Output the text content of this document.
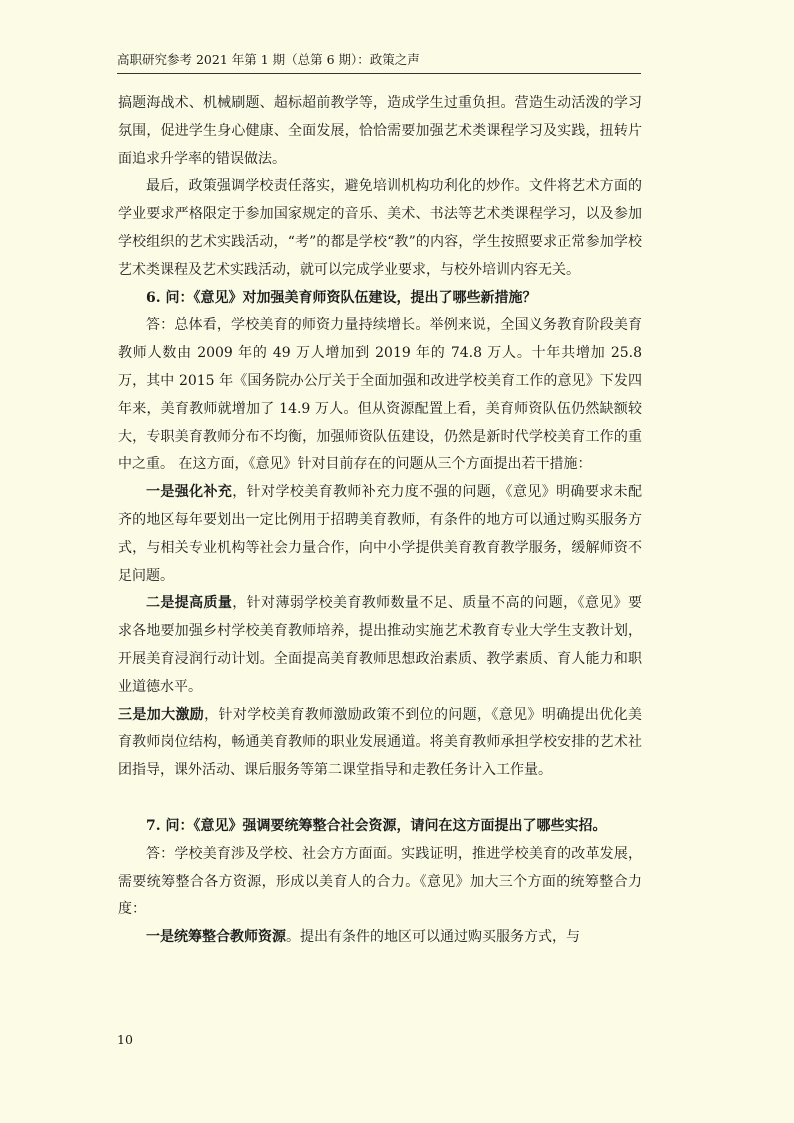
高职研究参考 2021 年第 1 期（总第 6 期）：政策之声

搞题海战术、机械刷题、超标超前教学等，造成学生过重负担。营造生动活泼的学习氛围，促进学生身心健康、全面发展，恰恰需要加强艺术类课程学习及实践，扭转片面追求升学率的错误做法。

最后，政策强调学校责任落实，避免培训机构功利化的炒作。文件将艺术方面的学业要求严格限定于参加国家规定的音乐、美术、书法等艺术类课程学习，以及参加学校组织的艺术实践活动，“考”的都是学校“教”的内容，学生按照要求正常参加学校艺术类课程及艺术实践活动，就可以完成学业要求，与校外培训内容无关。

6. 问：《意见》对加强美育师资队伍建设，提出了哪些新措施？

答：总体看，学校美育的师资力量持续增长。举例来说，全国义务教育阶段美育教师人数由 2009 年的 49 万人增加到 2019 年的 74.8 万人。十年共增加 25.8 万，其中 2015 年《国务院办公厅关于全面加强和改进学校美育工作的意见》下发四年来，美育教师就增加了 14.9 万人。但从资源配置上看，美育师资队伍仍然缺额较大，专职美育教师分布不均衡，加强师资队伍建设，仍然是新时代学校美育工作的重中之重。 在这方面，《意见》针对目前存在的问题从三个方面提出若干措施：

一是强化补充，针对学校美育教师补充力度不强的问题，《意见》明确要求未配齐的地区每年要划出一定比例用于招聘美育教师，有条件的地方可以通过购买服务方式，与相关专业机构等社会力量合作，向中小学提供美育教育教学服务，缓解师资不足问题。

二是提高质量，针对薄弱学校美育教师数量不足、质量不高的问题，《意见》要求各地要加强乡村学校美育教师培养，提出推动实施艺术教育专业大学生支教计划，开展美育浸润行动计划。全面提高美育教师思想政治素质、教学素质、育人能力和职业道德水平。

三是加大激励，针对学校美育教师激励政策不到位的问题，《意见》明确提出优化美育教师岗位结构，畅通美育教师的职业发展通道。将美育教师承担学校安排的艺术社团指导，课外活动、课后服务等第二课堂指导和走教任务计入工作量。

7. 问：《意见》强调要统筹整合社会资源，请问在这方面提出了哪些实招。

答：学校美育涉及学校、社会方方面面。实践证明，推进学校美育的改革发展，需要统筹整合各方资源，形成以美育人的合力。《意见》加大三个方面的统筹整合力度：

一是统筹整合教师资源。提出有条件的地区可以通过购买服务方式，与

10
